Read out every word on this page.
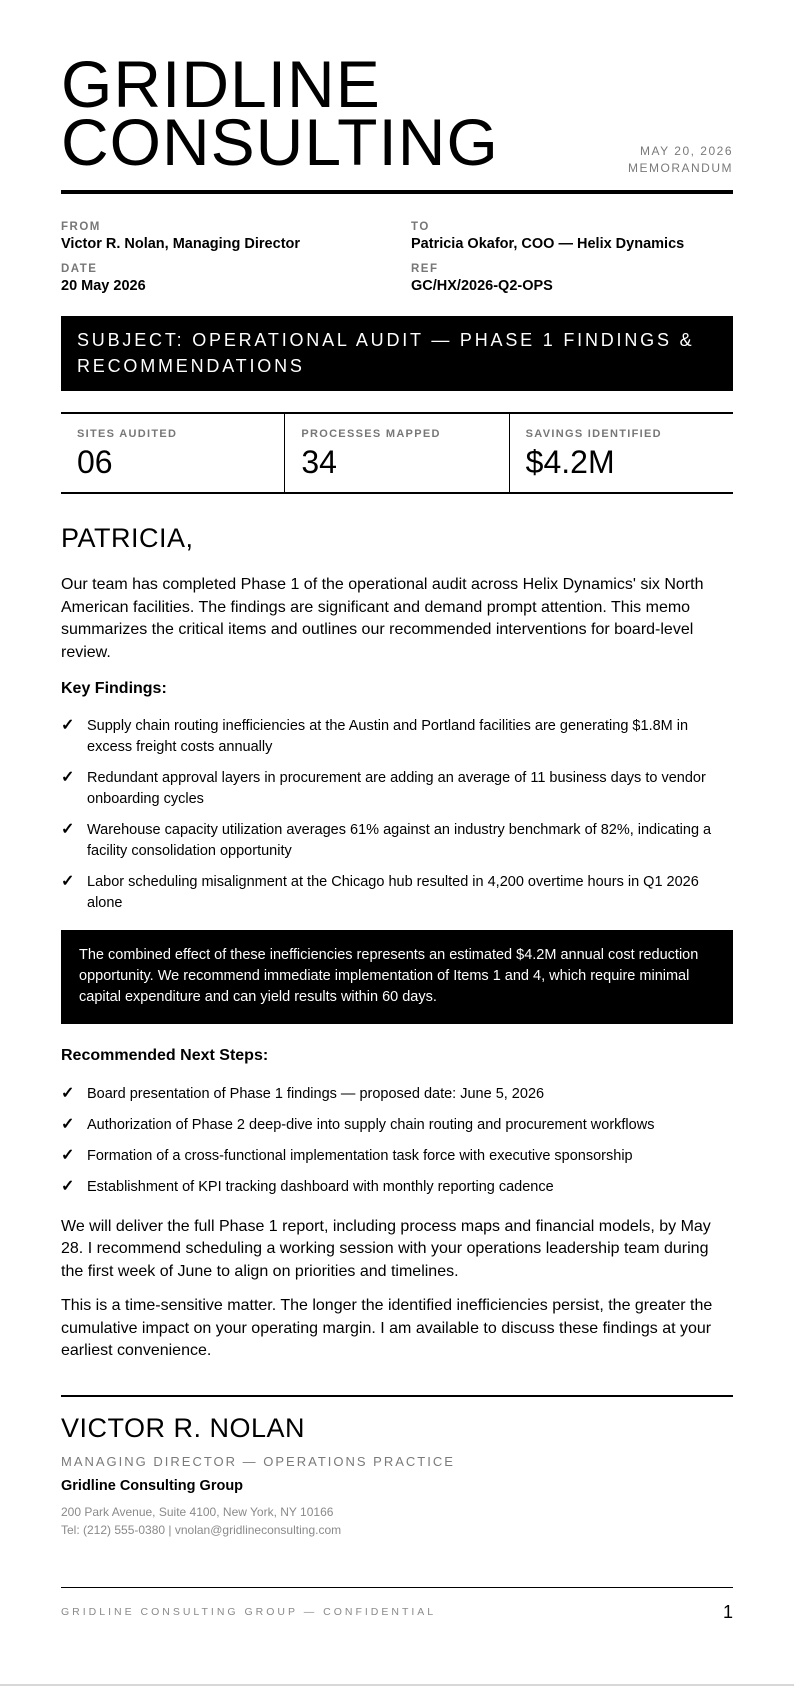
GRIDLINE
CONSULTING	MAY 20, 2026
MEMORANDUM
FROM
Victor R. Nolan, Managing Director
TO
Patricia Okafor, COO — Helix Dynamics
DATE
20 May 2026
REF
GC/HX/2026-Q2-OPS
SUBJECT: OPERATIONAL AUDIT — PHASE 1 FINDINGS & RECOMMENDATIONS
SITES AUDITED
06
PROCESSES MAPPED
34
SAVINGS IDENTIFIED
$4.2M
PATRICIA,

Our team has completed Phase 1 of the operational audit across Helix Dynamics' six North American facilities. The findings are significant and demand prompt attention. This memo summarizes the critical items and outlines our recommended interventions for board-level review.

Key Findings:
✓ Supply chain routing inefficiencies at the Austin and Portland facilities are generating $1.8M in excess freight costs annually
✓ Redundant approval layers in procurement are adding an average of 11 business days to vendor onboarding cycles
✓ Warehouse capacity utilization averages 61% against an industry benchmark of 82%, indicating a facility consolidation opportunity
✓ Labor scheduling misalignment at the Chicago hub resulted in 4,200 overtime hours in Q1 2026 alone
The combined effect of these inefficiencies represents an estimated $4.2M annual cost reduction opportunity. We recommend immediate implementation of Items 1 and 4, which require minimal capital expenditure and can yield results within 60 days.
Recommended Next Steps:
✓ Board presentation of Phase 1 findings — proposed date: June 5, 2026
✓ Authorization of Phase 2 deep-dive into supply chain routing and procurement workflows
✓ Formation of a cross-functional implementation task force with executive sponsorship
✓ Establishment of KPI tracking dashboard with monthly reporting cadence

We will deliver the full Phase 1 report, including process maps and financial models, by May 28. I recommend scheduling a working session with your operations leadership team during the first week of June to align on priorities and timelines.

This is a time-sensitive matter. The longer the identified inefficiencies persist, the greater the cumulative impact on your operating margin. I am available to discuss these findings at your earliest convenience.

VICTOR R. NOLAN
MANAGING DIRECTOR — OPERATIONS PRACTICE
Gridline Consulting Group
200 Park Avenue, Suite 4100, New York, NY 10166
Tel: (212) 555-0380 | vnolan@gridlineconsulting.com
GRIDLINE CONSULTING GROUP — CONFIDENTIAL	1
